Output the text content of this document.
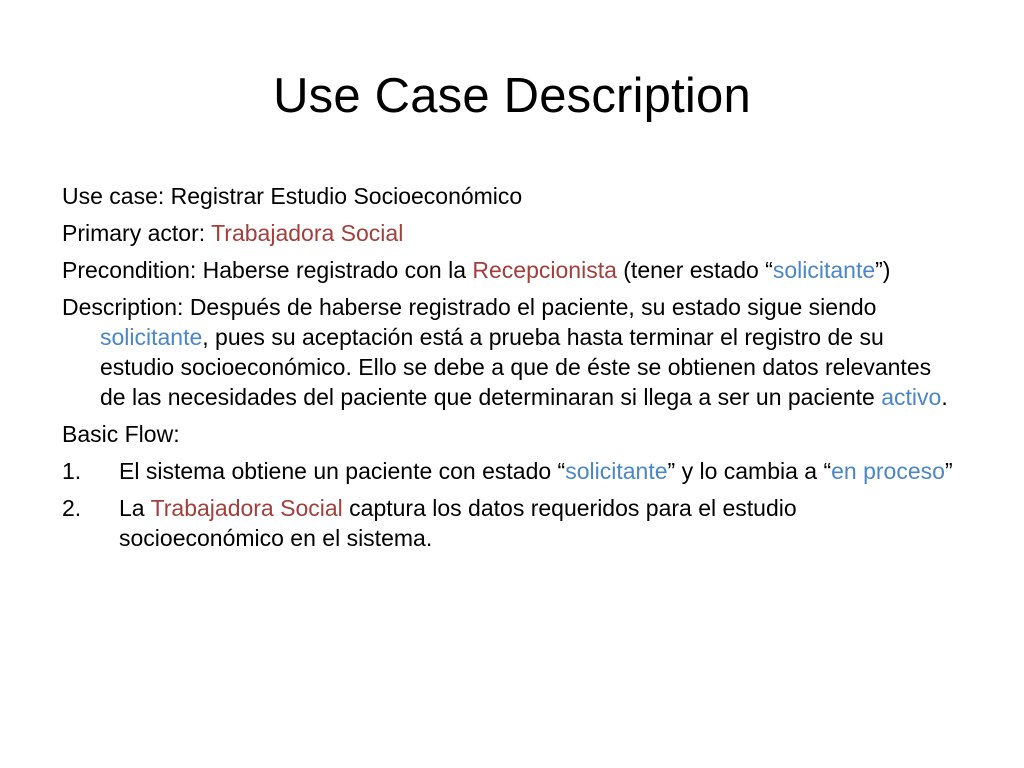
Use Case Description

Use case: Registrar Estudio Socioeconómico

Primary actor: Trabajadora Social

Precondition: Haberse registrado con la Recepcionista (tener estado “solicitante”)

Description: Después de haberse registrado el paciente, su estado sigue siendo solicitante, pues su aceptación está a prueba hasta terminar el registro de su estudio socioeconómico. Ello se debe a que de éste se obtienen datos relevantes de las necesidades del paciente que determinaran si llega a ser un paciente activo.

Basic Flow:

1. El sistema obtiene un paciente con estado “solicitante” y lo cambia a “en proceso”
2. La Trabajadora Social captura los datos requeridos para el estudio socioeconómico en el sistema.
